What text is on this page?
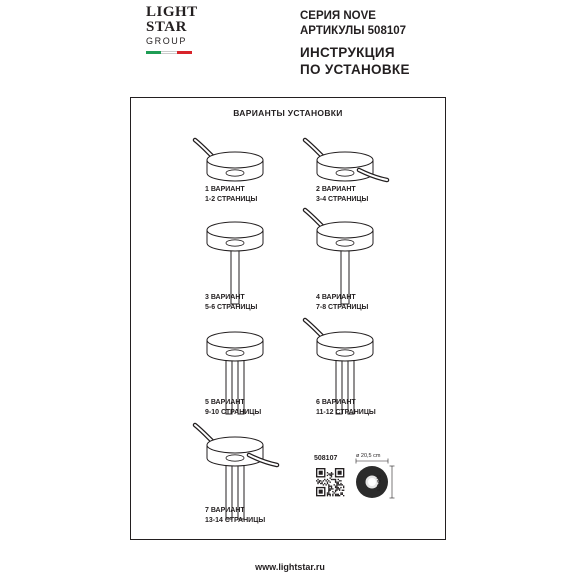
LIGHT
STAR
GROUP
СЕРИЯ NOVE
АРТИКУЛЫ 508107
ИНСТРУКЦИЯ
ПО УСТАНОВКЕ
ВАРИАНТЫ УСТАНОВКИ
1 ВАРИАНТ
1-2 СТРАНИЦЫ
2 ВАРИАНТ
3-4 СТРАНИЦЫ
3 ВАРИАНТ
5-6 СТРАНИЦЫ
4 ВАРИАНТ
7-8 СТРАНИЦЫ
5 ВАРИАНТ
9-10 СТРАНИЦЫ
6 ВАРИАНТ
11-12 СТРАНИЦЫ
7 ВАРИАНТ
13-14 СТРАНИЦЫ
508107	ø 20,5 cm
5,5 cm
www.lightstar.ru
